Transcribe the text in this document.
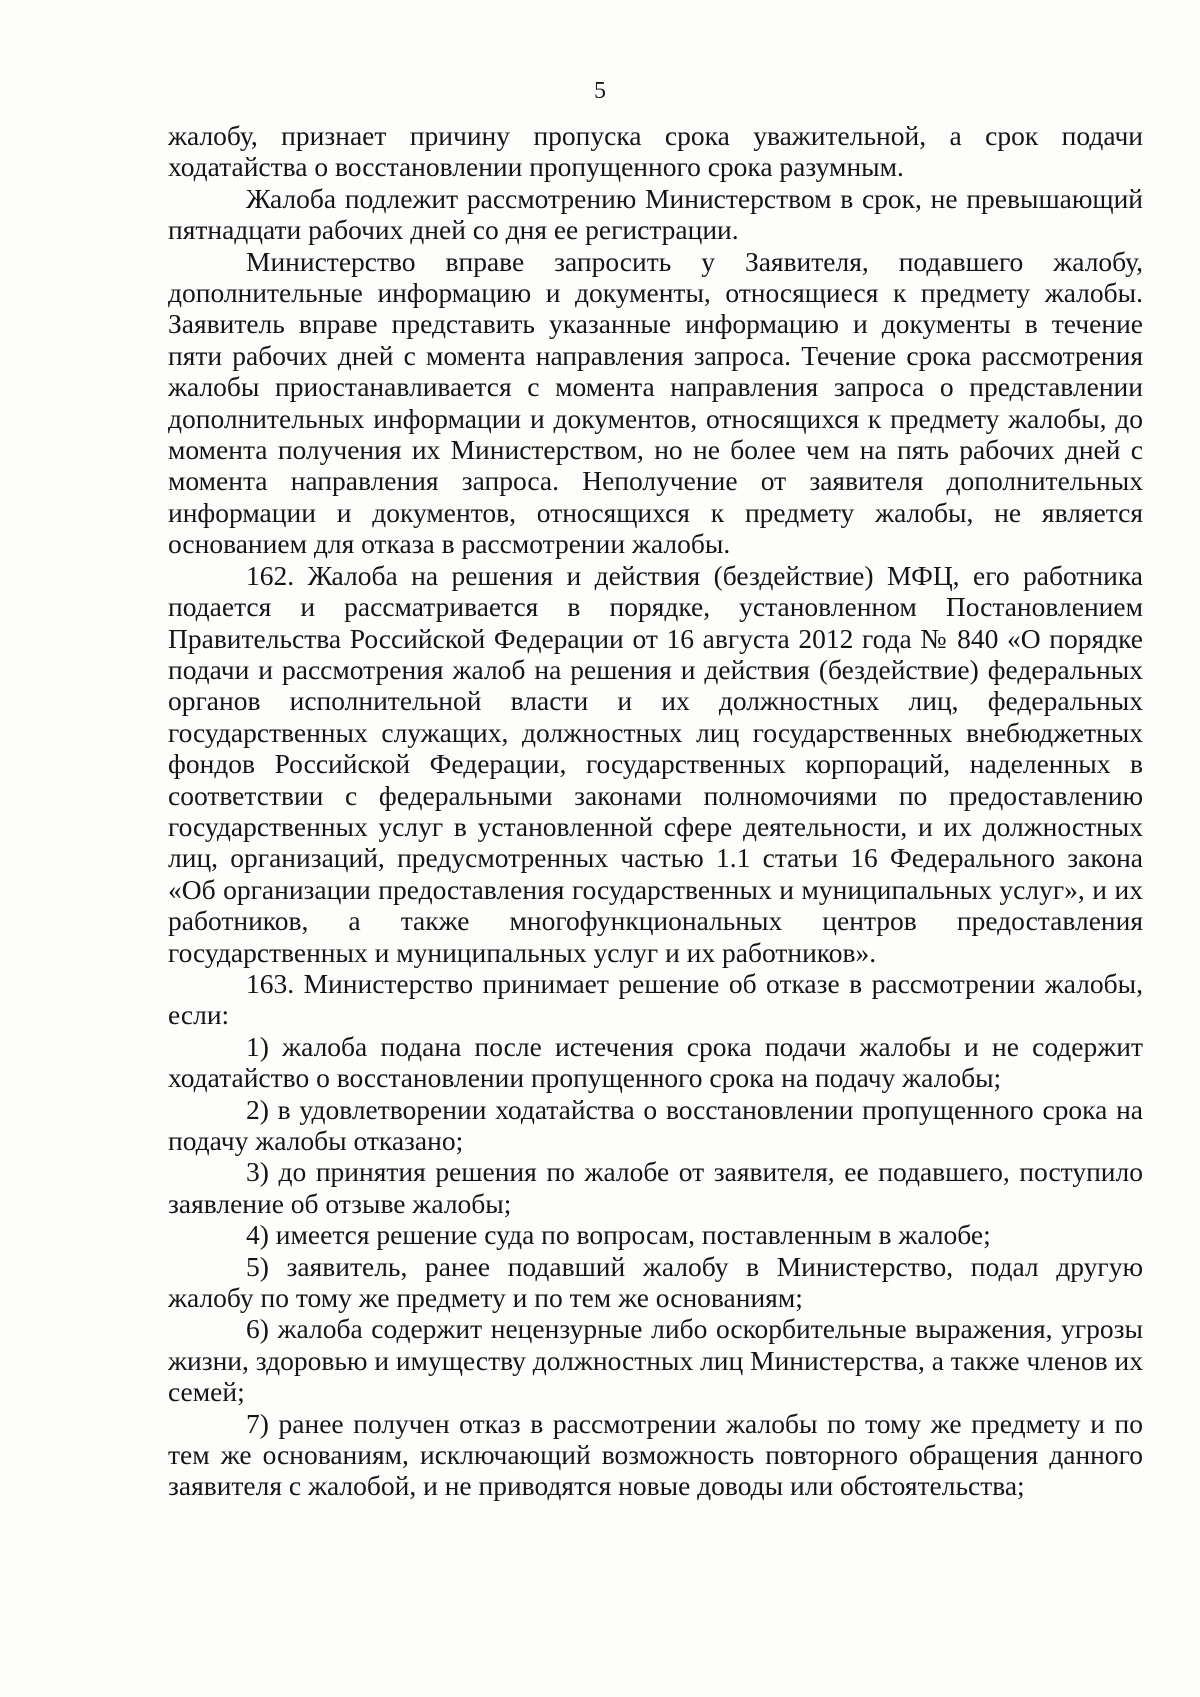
5

жалобу, признает причину пропуска срока уважительной, а срок подачи ходатайства о восстановлении пропущенного срока разумным.

Жалоба подлежит рассмотрению Министерством в срок, не превышающий пятнадцати рабочих дней со дня ее регистрации.

Министерство вправе запросить у Заявителя, подавшего жалобу, дополнительные информацию и документы, относящиеся к предмету жалобы. Заявитель вправе представить указанные информацию и документы в течение пяти рабочих дней с момента направления запроса. Течение срока рассмотрения жалобы приостанавливается с момента направления запроса о представлении дополнительных информации и документов, относящихся к предмету жалобы, до момента получения их Министерством, но не более чем на пять рабочих дней с момента направления запроса. Неполучение от заявителя дополнительных информации и документов, относящихся к предмету жалобы, не является основанием для отказа в рассмотрении жалобы.

162. Жалоба на решения и действия (бездействие) МФЦ, его работника подается и рассматривается в порядке, установленном Постановлением Правительства Российской Федерации от 16 августа 2012 года № 840 «О порядке подачи и рассмотрения жалоб на решения и действия (бездействие) федеральных органов исполнительной власти и их должностных лиц, федеральных государственных служащих, должностных лиц государственных внебюджетных фондов Российской Федерации, государственных корпораций, наделенных в соответствии с федеральными законами полномочиями по предоставлению государственных услуг в установленной сфере деятельности, и их должностных лиц, организаций, предусмотренных частью 1.1 статьи 16 Федерального закона «Об организации предоставления государственных и муниципальных услуг», и их работников, а также многофункциональных центров предоставления государственных и муниципальных услуг и их работников».

163. Министерство принимает решение об отказе в рассмотрении жалобы, если:

1) жалоба подана после истечения срока подачи жалобы и не содержит ходатайство о восстановлении пропущенного срока на подачу жалобы;

2) в удовлетворении ходатайства о восстановлении пропущенного срока на подачу жалобы отказано;

3) до принятия решения по жалобе от заявителя, ее подавшего, поступило заявление об отзыве жалобы;

4) имеется решение суда по вопросам, поставленным в жалобе;

5) заявитель, ранее подавший жалобу в Министерство, подал другую жалобу по тому же предмету и по тем же основаниям;

6) жалоба содержит нецензурные либо оскорбительные выражения, угрозы жизни, здоровью и имуществу должностных лиц Министерства, а также членов их семей;

7) ранее получен отказ в рассмотрении жалобы по тому же предмету и по тем же основаниям, исключающий возможность повторного обращения данного заявителя с жалобой, и не приводятся новые доводы или обстоятельства;
